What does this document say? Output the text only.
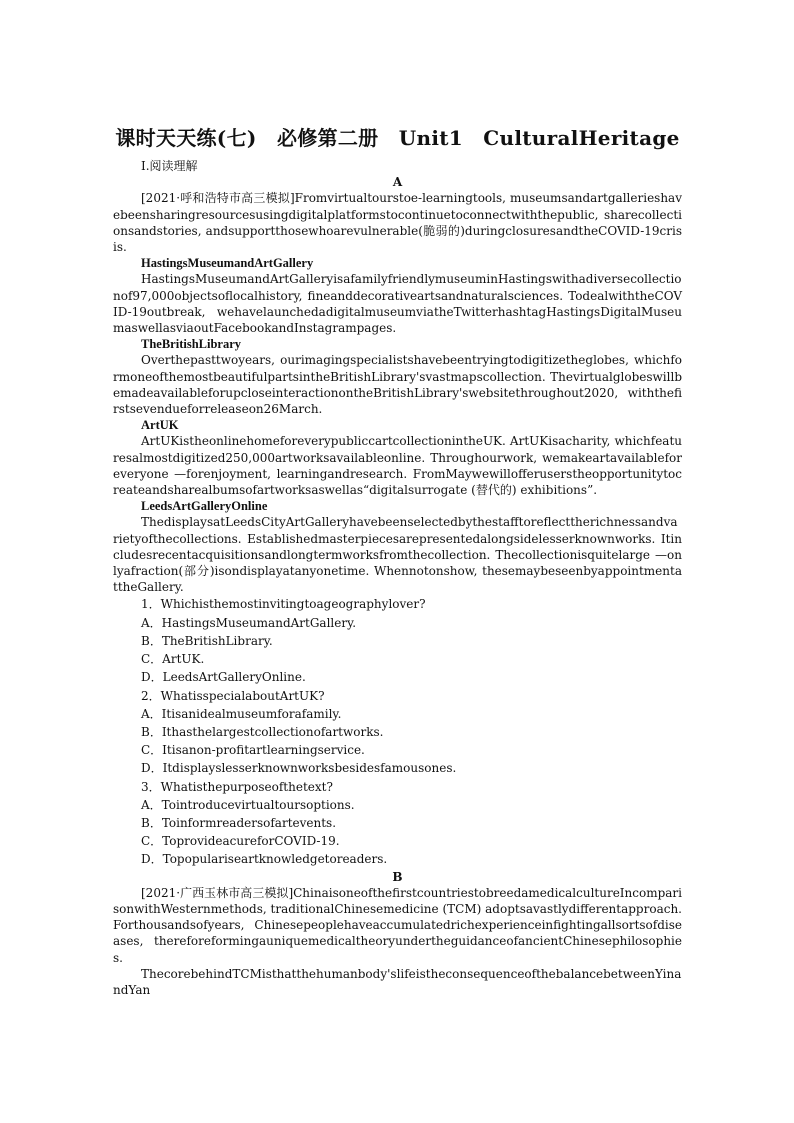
课时天天练(七)　必修第二册　Unit1　CulturalHeritage

Ⅰ.阅读理解

A

[2021·呼和浩特市高三模拟]Fromvirtualtourstoe-learningtools, museumsandartgallerieshavebeensharingresourcesusingdigitalplatformstocontinuetoconnectwiththepublic, sharecollectionsandstories, andsupportthosewhoarevulnerable(脆弱的)duringclosuresandtheCOVID-19crisis.

HastingsMuseumandArtGallery

HastingsMuseumandArtGalleryisafamilyfriendlymuseuminHastingswithadiversecollectionof97,000objectsoflocalhistory, fineanddecorativeartsandnaturalsciences. TodealwiththeCOVID-19outbreak, wehavelaunchedadigitalmuseumviatheTwitterhashtagHastingsDigitalMuseumaswellasviaoutFacebookandInstagrampages.

TheBritishLibrary

Overthepasttwoyears, ourimagingspecialistshavebeentryingtodigitizetheglobes, whichformoneofthemostbeautifulpartsintheBritishLibrary'svastmapscollection. ThevirtualglobeswillbemadeavailableforupcloseinteractionontheBritishLibrary'swebsitethroughout2020, withthefirstsevendueforreleaseon26March.

ArtUK

ArtUKistheonlinehomeforeverypubliccartcollectionintheUK. ArtUKisacharity, whichfeaturesalmostdigitized250,000artworksavailableonline. Throughourwork, wemakeartavailableforeveryone —forenjoyment, learningandresearch. FromMaywewillofferuserstheopportunitytocreateandsharealbumsofartworksaswellas“digitalsurrogate (替代的) exhibitions”.

LeedsArtGalleryOnline

ThedisplaysatLeedsCityArtGalleryhavebeenselectedbythestafftoreflecttherichnessandvarietyofthecollections. Establishedmasterpiecesarepresentedalongsidelesserknownworks. Itincludesrecentacquisitionsandlongtermworksfromthecollection. Thecollectionisquitelarge —onlyafraction(部分)isondisplayatanyonetime. Whennotonshow, thesemaybeseenbyappointmentattheGallery.

1．Whichisthemostinvitingtoageographylover?

A．HastingsMuseumandArtGallery.

B．TheBritishLibrary.

C．ArtUK.

D．LeedsArtGalleryOnline.

2．WhatisspecialaboutArtUK?

A．Itisanidealmuseumforafamily.

B．Ithasthelargestcollectionofartworks.

C．Itisanon-profitartlearningservice.

D．Itdisplayslesserknownworksbesidesfamousones.

3．Whatisthepurposeofthetext?

A．Tointroducevirtualtoursoptions.

B．Toinformreadersofartevents.

C．ToprovideacureforCOVID-19.

D．Topopulariseartknowledgetoreaders.

B

[2021·广西玉林市高三模拟]ChinaisoneofthefirstcountriestobreedamedicalcultureIncomparisonwithWesternmethods, traditionalChinesemedicine (TCM) adoptsavastlydifferentapproach. Forthousandsofyears, Chinesepeoplehaveaccumulatedrichexperienceinfightingallsortsofdiseases, thereforeformingauniquemedicaltheoryundertheguidanceofancientChinesephilosophies.

ThecorebehindTCMisthatthehumanbody'slifeistheconsequenceofthebalancebetweenYinandYan
